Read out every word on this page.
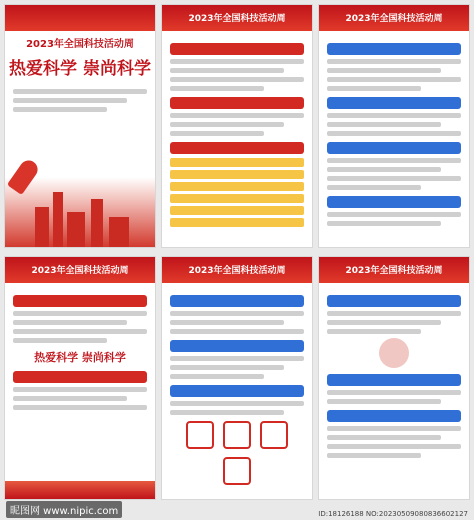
2023年全国科技活动周
热爱科学 崇尚科学
2023年全国科技活动周	2023年全国科技活动周
2023年全国科技活动周
热爱科学 崇尚科学
2023年全国科技活动周
	2023年全国科技活动周
昵图网 www.nipic.com	ID:18126188 NO:20230509080836602127
